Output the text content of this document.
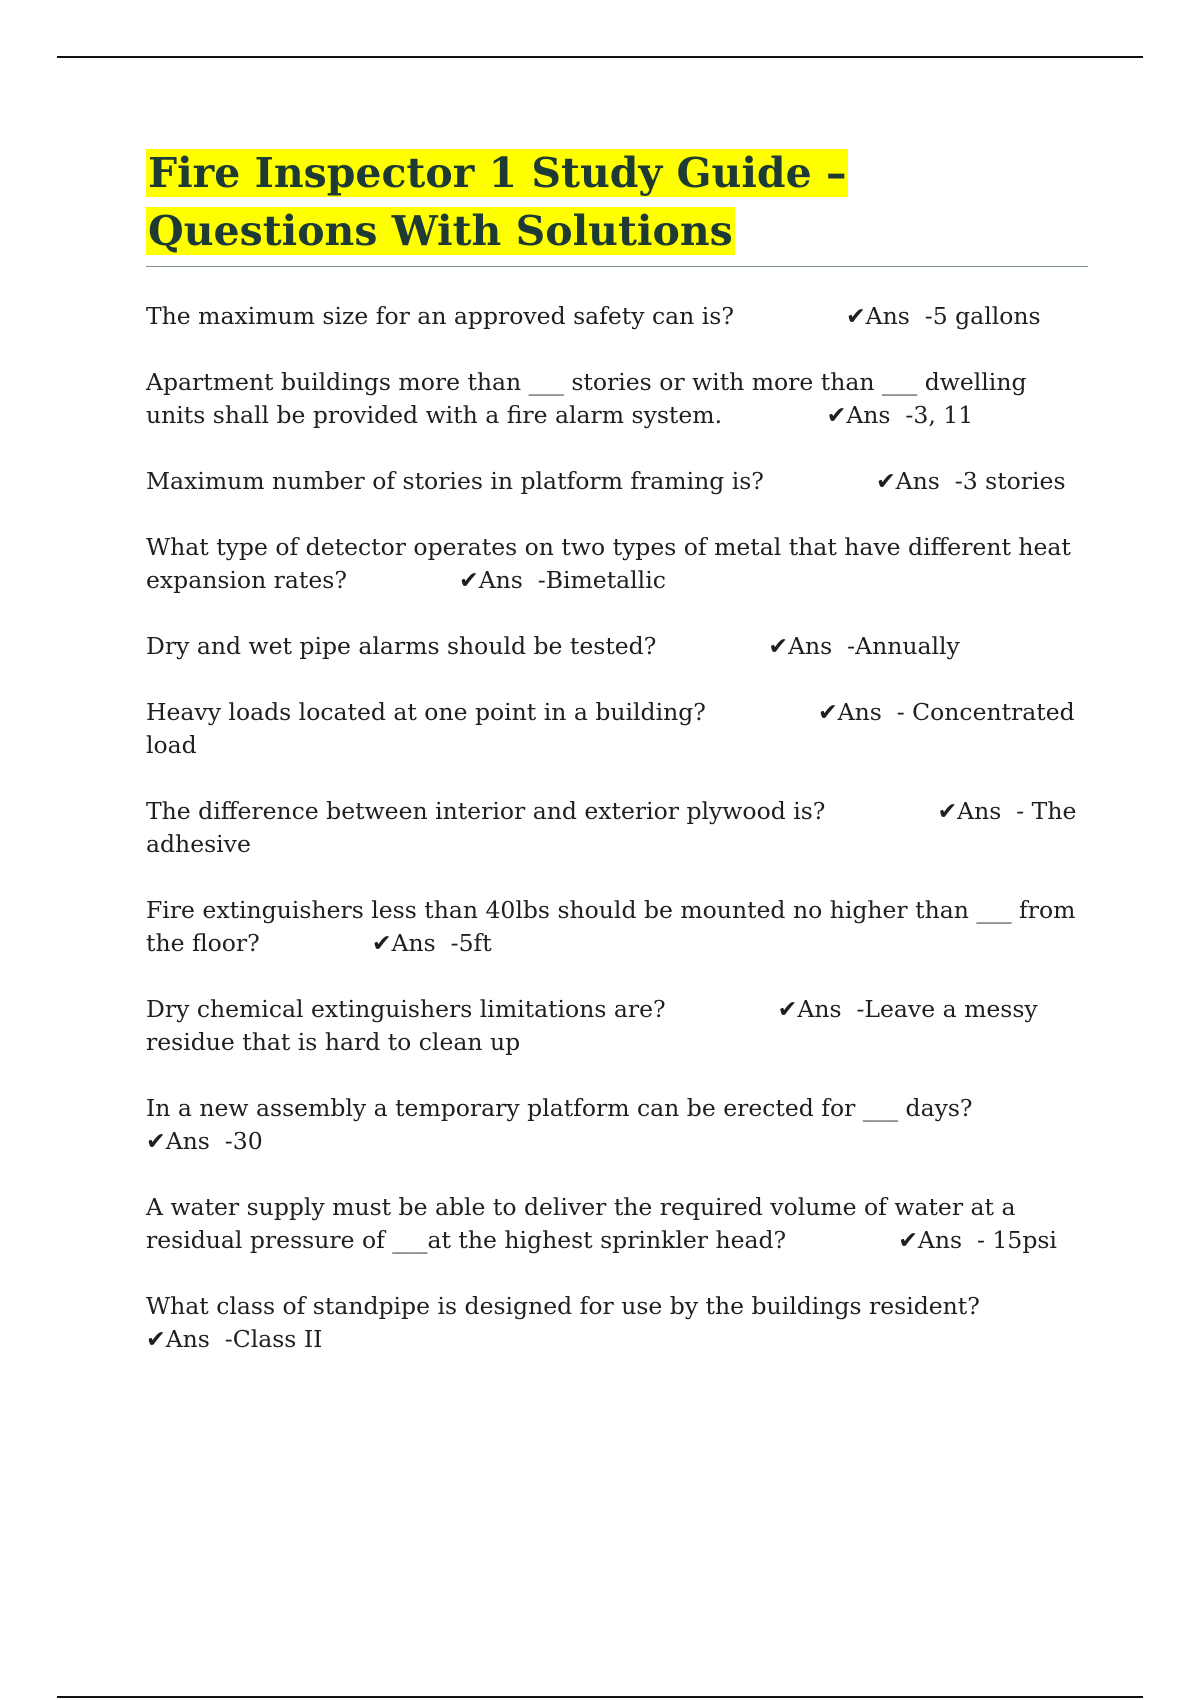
Fire Inspector 1 Study Guide – Questions With Solutions

The maximum size for an approved safety can is?	✔Ans  -5 gallons

Apartment buildings more than ___ stories or with more than ___ dwelling units shall be provided with a fire alarm system.	✔Ans  -3, 11

Maximum number of stories in platform framing is?	✔Ans  -3 stories

What type of detector operates on two types of metal that have different heat expansion rates?	✔Ans  -Bimetallic

Dry and wet pipe alarms should be tested?	✔Ans  -Annually

Heavy loads located at one point in a building?	✔Ans  - Concentrated load

The difference between interior and exterior plywood is?	✔Ans  - The adhesive

Fire extinguishers less than 40lbs should be mounted no higher than ___ from the floor?	✔Ans  -5ft

Dry chemical extinguishers limitations are?	✔Ans  -Leave a messy residue that is hard to clean up

In a new assembly a temporary platform can be erected for ___ days?               ✔Ans  -30

A water supply must be able to deliver the required volume of water at a residual pressure of ___at the highest sprinkler head?	✔Ans  - 15psi

What class of standpipe is designed for use by the buildings resident?               ✔Ans  -Class II
